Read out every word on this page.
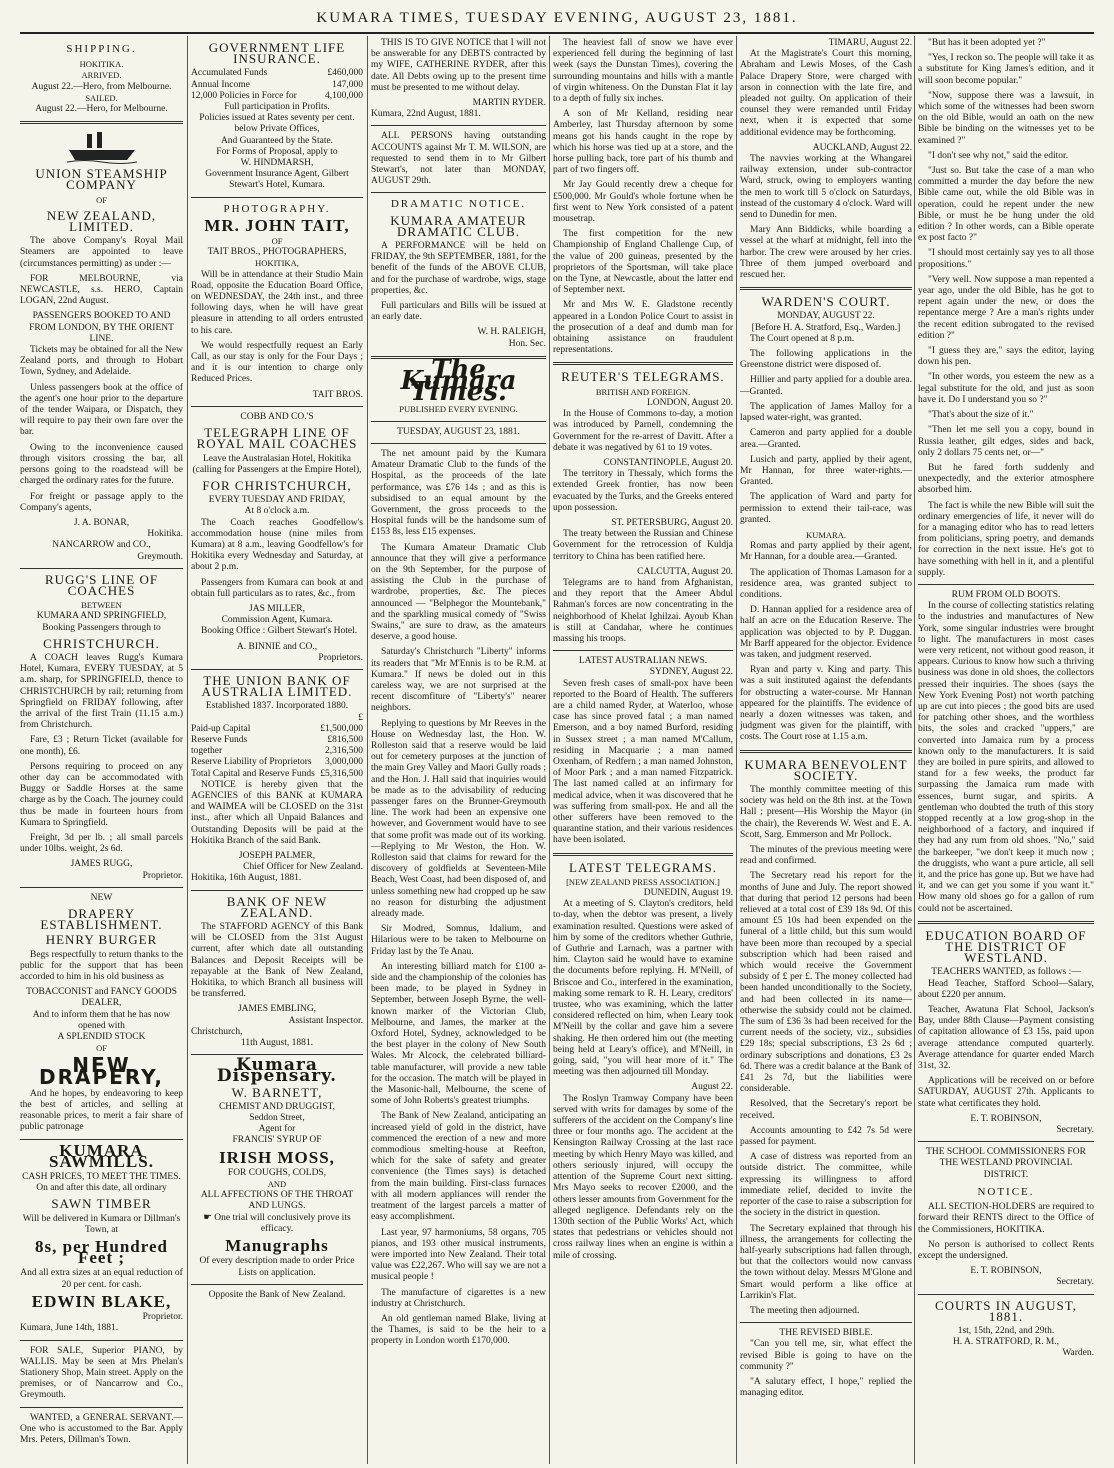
KUMARA TIMES, TUESDAY EVENING, AUGUST 23, 1881.
SHIPPING.
HOKITIKA.
ARRIVED.
August 22.—Hero, from Melbourne.
SAILED.
August 22.—Hero, for Melbourne.
UNION STEAMSHIP COMPANY
OF
NEW ZEALAND, LIMITED.

The above Company's Royal Mail Steamers are appointed to leave (circumstances permitting) as under :—

FOR MELBOURNE, via NEWCASTLE, s.s. HERO, Captain LOGAN, 22nd August.

PASSENGERS BOOKED TO AND FROM LONDON, BY THE ORIENT LINE.

Tickets may be obtained for all the New Zealand ports, and through to Hobart Town, Sydney, and Adelaide.

Unless passengers book at the office of the agent's one hour prior to the departure of the tender Waipara, or Dispatch, they will require to pay their own fare over the bar.

Owing to the inconvenience caused through visitors crossing the bar, all persons going to the roadstead will be charged the ordinary rates for the future.

For freight or passage apply to the Company's agents,

J. A. BONAR,
Hokitika.
NANCARROW and CO.,
Greymouth.
RUGG'S LINE OF COACHES
BETWEEN
KUMARA AND SPRINGFIELD,
Booking Passengers through to
CHRISTCHURCH.

A COACH leaves Rugg's Kumara Hotel, Kumara, EVERY TUESDAY, at 5 a.m. sharp, for SPRINGFIELD, thence to CHRISTCHURCH by rail; returning from Springfield on FRIDAY following, after the arrival of the first Train (11.15 a.m.) from Christchurch.

Fare, £3 ; Return Ticket (available for one month), £6.

Persons requiring to proceed on any other day can be accommodated with Buggy or Saddle Horses at the same charge as by the Coach. The journey could thus be made in fourteen hours from Kumara to Springfield.

Freight, 3d per lb. ; all small parcels under 10lbs. weight, 2s 6d.

JAMES RUGG,
Proprietor.
NEW
DRAPERY ESTABLISHMENT.
HENRY BURGER

Begs respectfully to return thanks to the public for the support that has been accorded to him in his old business as

TOBACCONIST and FANCY GOODS DEALER,
And to inform them that he has now opened with
A SPLENDID STOCK
OF
NEW DRAPERY,

And he hopes, by endeavoring to keep the best of articles, and selling at reasonable prices, to merit a fair share of public patronage

KUMARA SAWMILLS.
CASH PRICES, TO MEET THE TIMES.
On and after this date, all ordinary
SAWN TIMBER
Will be delivered in Kumara or Dillman's Town, at
8s, per Hundred Feet ;
And all extra sizes at an equal reduction of 20 per cent. for cash.
EDWIN BLAKE,
Proprietor.
Kumara, June 14th, 1881.

FOR SALE, Superior PIANO, by WALLIS. May be seen at Mrs Phelan's Stationery Shop, Main street. Apply on the premises, or of Nancarrow and Co., Greymouth.

WANTED, a GENERAL SERVANT.—One who is accustomed to the Bar. Apply Mrs. Peters, Dillman's Town.

GOVERNMENT LIFE INSURANCE.
Accumulated Funds	£460,000
Annual Income	147,000
12,000 Policies in Force for	4,100,000
Full participation in Profits.
Policies issued at Rates seventy per cent. below Private Offices,
And Guaranteed by the State.
For Forms of Proposal, apply to
W. HINDMARSH,
Government Insurance Agent, Gilbert Stewart's Hotel, Kumara.
PHOTOGRAPHY.
MR. JOHN TAIT,
OF
TAIT BROS., PHOTOGRAPHERS,
HOKITIKA,

Will be in attendance at their Studio Main Road, opposite the Education Board Office, on WEDNESDAY, the 24th inst., and three following days, when he will have great pleasure in attending to all orders entrusted to his care.

We would respectfully request an Early Call, as our stay is only for the Four Days ; and it is our intention to charge only Reduced Prices.

TAIT BROS.
COBB AND CO.'S
TELEGRAPH LINE OF ROYAL MAIL COACHES
Leave the Australasian Hotel, Hokitika (calling for Passengers at the Empire Hotel),
FOR CHRISTCHURCH,
EVERY TUESDAY AND FRIDAY,
At 8 o'clock a.m.

The Coach reaches Goodfellow's accommodation house (nine miles from Kumara) at 8 a.m., leaving Goodfellow's for Hokitika every Wednesday and Saturday, at about 2 p.m.

Passengers from Kumara can book at and obtain full particulars as to rates, &c., from

JAS MILLER,
Commission Agent, Kumara.

Booking Office : Gilbert Stewart's Hotel.

A. BINNIE and CO.,
Proprietors.
THE UNION BANK OF AUSTRALIA LIMITED.
Established 1837. Incorporated 1880.
£
Paid-up Capital	£1,500,000
Reserve Funds	£816,500
together	2,316,500
Reserve Liability of Proprietors	3,000,000
Total Capital and Reserve Funds	£5,316,500

NOTICE is hereby given that the AGENCIES of this BANK at KUMARA and WAIMEA will be CLOSED on the 31st inst., after which all Unpaid Balances and Outstanding Deposits will be paid at the Hokitika Branch of the said Bank.

JOSEPH PALMER,
Chief Officer for New Zealand.
Hokitika, 16th August, 1881.
BANK OF NEW ZEALAND.

The STAFFORD AGENCY of this Bank will be CLOSED from the 31st August current, after which date all outstanding Balances and Deposit Receipts will be repayable at the Bank of New Zealand, Hokitika, to which Branch all business will be transferred.

JAMES EMBLING,
Assistant Inspector.
Christchurch,
11th August, 1881.
Kumara Dispensary.
W. BARNETT,
CHEMIST AND DRUGGIST,
Seddon Street,
Agent for
FRANCIS' SYRUP OF
IRISH MOSS,
FOR COUGHS, COLDS,
AND
ALL AFFECTIONS OF THE THROAT AND LUNGS.
☛ One trial will conclusively prove its efficacy.
Manugraphs
Of every description made to order Price Lists on application.
Opposite the Bank of New Zealand.

THIS IS TO GIVE NOTICE that I will not be answerable for any DEBTS contracted by my WIFE, CATHERINE RYDER, after this date. All Debts owing up to the present time must be presented to me without delay.

MARTIN RYDER.
Kumara, 22nd August, 1881.

ALL PERSONS having outstanding ACCOUNTS against Mr T. M. WILSON, are requested to send them in to Mr Gilbert Stewart's, not later than MONDAY, AUGUST 29th.

DRAMATIC NOTICE.
KUMARA AMATEUR DRAMATIC CLUB.

A PERFORMANCE will be held on FRIDAY, the 9th SEPTEMBER, 1881, for the benefit of the funds of the ABOVE CLUB, and for the purchase of wardrobe, wigs, stage properties, &c.

Full particulars and Bills will be issued at an early date.

W. H. RALEIGH,
Hon. Sec.
The Kumara Times.
PUBLISHED EVERY EVENING.
TUESDAY, AUGUST 23, 1881.

The net amount paid by the Kumara Amateur Dramatic Club to the funds of the Hospital, as the proceeds of the late performance, was £76 14s ; and as this is subsidised to an equal amount by the Government, the gross proceeds to the Hospital funds will be the handsome sum of £153 8s, less £15 expenses.

The Kumara Amateur Dramatic Club announce that they will give a performance on the 9th September, for the purpose of assisting the Club in the purchase of wardrobe, properties, &c. The pieces announced — "Belphegor the Mountebank," and the sparkling musical comedy of "Swiss Swains," are sure to draw, as the amateurs deserve, a good house.

Saturday's Christchurch "Liberty" informs its readers that "Mr M'Ennis is to be R.M. at Kumara." If news be doled out in this careless way, we are not surprised at the recent discomfiture of "Liberty's" nearer neighbors.

Replying to questions by Mr Reeves in the House on Wednesday last, the Hon. W. Rolleston said that a reserve would be laid out for cemetery purposes at the junction of the main Grey Valley and Maori Gully roads ; and the Hon. J. Hall said that inquiries would be made as to the advisability of reducing passenger fares on the Brunner-Greymouth line. The work had been an expensive one however, and Government would have to see that some profit was made out of its working.—Replying to Mr Weston, the Hon. W. Rolleston said that claims for reward for the discovery of goldfields at Seventeen-Mile Beach, West Coast, had been disposed of, and unless something new had cropped up he saw no reason for disturbing the adjustment already made.

Sir Modred, Somnus, Idalium, and Hilarious were to be taken to Melbourne on Friday last by the Te Anau.

An interesting billiard match for £100 a-side and the championship of the colonies has been made, to be played in Sydney in September, between Joseph Byrne, the well-known marker of the Victorian Club, Melbourne, and James, the marker at the Oxford Hotel, Sydney, acknowledged to be the best player in the colony of New South Wales. Mr Alcock, the celebrated billiard-table manufacturer, will provide a new table for the occasion. The match will be played in the Masonic-hall, Melbourne, the scene of some of John Roberts's greatest triumphs.

The Bank of New Zealand, anticipating an increased yield of gold in the district, have commenced the erection of a new and more commodious smelting-house at Reefton, which for the sake of safety and greater convenience (the Times says) is detached from the main building. First-class furnaces with all modern appliances will render the treatment of the largest parcels a matter of easy accomplishment.

Last year, 97 harmoniums, 58 organs, 705 pianos, and 193 other musical instruments, were imported into New Zealand. Their total value was £22,267. Who will say we are not a musical people !

The manufacture of cigarettes is a new industry at Christchurch.

An old gentleman named Blake, living at the Thames, is said to be the heir to a property in London worth £170,000.

The heaviest fall of snow we have ever experienced fell during the beginning of last week (says the Dunstan Times), covering the surrounding mountains and hills with a mantle of virgin whiteness. On the Dunstan Flat it lay to a depth of fully six inches.

A son of Mr Kelland, residing near Amberley, last Thursday afternoon by some means got his hands caught in the rope by which his horse was tied up at a store, and the horse pulling back, tore part of his thumb and part of two fingers off.

Mr Jay Gould recently drew a cheque for £500,000. Mr Gould's whole fortune when he first went to New York consisted of a patent mousetrap.

The first competition for the new Championship of England Challenge Cup, of the value of 200 guineas, presented by the proprietors of the Sportsman, will take place on the Tyne, at Newcastle, about the latter end of September next.

Mr and Mrs W. E. Gladstone recently appeared in a London Police Court to assist in the prosecution of a deaf and dumb man for obtaining assistance on fraudulent representations.

REUTER'S TELEGRAMS.
BRITISH AND FOREIGN.
LONDON, August 20.

In the House of Commons to-day, a motion was introduced by Parnell, condemning the Government for the re-arrest of Davitt. After a debate it was negatived by 61 to 19 votes.

CONSTANTINOPLE, August 20.

The territory in Thessaly, which forms the extended Greek frontier, has now been evacuated by the Turks, and the Greeks entered upon possession.

ST. PETERSBURG, August 20.

The treaty between the Russian and Chinese Government for the retrocession of Kuldja territory to China has been ratified here.

CALCUTTA, August 20.

Telegrams are to hand from Afghanistan, and they report that the Ameer Abdul Rahman's forces are now concentrating in the neighborhood of Khelat Ighilzai. Ayoub Khan is still at Candahar, where he continues massing his troops.

LATEST AUSTRALIAN NEWS.
SYDNEY, August 22.

Seven fresh cases of small-pox have been reported to the Board of Health. The sufferers are a child named Ryder, at Waterloo, whose case has since proved fatal ; a man named Emerson, and a boy named Burford, residing in Sussex street ; a man named M'Callum, residing in Macquarie ; a man named Oxenham, of Redfern ; a man named Johnston, of Moor Park ; and a man named Fitzpatrick. The last named called at an infirmary for medical advice, when it was discovered that he was suffering from small-pox. He and all the other sufferers have been removed to the quarantine station, and their various residences have been isolated.

LATEST TELEGRAMS.
[NEW ZEALAND PRESS ASSOCIATION.]
DUNEDIN, August 19.

At a meeting of S. Clayton's creditors, held to-day, when the debtor was present, a lively examination resulted. Questions were asked of him by some of the creditors whether Guthrie, of Guthrie and Larnach, was a partner with him. Clayton said he would have to examine the documents before replying. H. M'Neill, of Briscoe and Co., interfered in the examination, making some remark to R. H. Leary, creditors' trustee, who was examining, which the latter considered reflected on him, when Leary took M'Neill by the collar and gave him a severe shaking. He then ordered him out (the meeting being held at Leary's office), and M'Neill, in going, said, "you will hear more of it." The meeting was then adjourned till Monday.

August 22.

The Roslyn Tramway Company have been served with writs for damages by some of the sufferers of the accident on the Company's line three or four months ago. The accident at the Kensington Railway Crossing at the last race meeting by which Henry Mayo was killed, and others seriously injured, will occupy the attention of the Supreme Court next sitting. Mrs Mayo seeks to recover £2000, and the others lesser amounts from Government for the alleged negligence. Defendants rely on the 130th section of the Public Works' Act, which states that pedestrians or vehicles should not cross railway lines when an engine is within a mile of crossing.

TIMARU, August 22.

At the Magistrate's Court this morning, Abraham and Lewis Moses, of the Cash Palace Drapery Store, were charged with arson in connection with the late fire, and pleaded not guilty. On application of their counsel they were remanded until Friday next, when it is expected that some additional evidence may be forthcoming.

AUCKLAND, August 22.

The navvies working at the Whangarei railway extension, under sub-contractor Ward, struck, owing to employers wanting the men to work till 5 o'clock on Saturdays, instead of the customary 4 o'clock. Ward will send to Dunedin for men.

Mary Ann Biddicks, while boarding a vessel at the wharf at midnight, fell into the harbor. The crew were aroused by her cries. Three of them jumped overboard and rescued her.

WARDEN'S COURT.
MONDAY, AUGUST 22.
[Before H. A. Stratford, Esq., Warden.]

The Court opened at 8 p.m.

The following applications in the Greenstone district were disposed of.

Hillier and party applied for a double area.—Granted.

The application of James Malloy for a lapsed water-right, was granted.

Cameron and party applied for a double area.—Granted.

Lusich and party, applied by their agent, Mr Hannan, for three water-rights.—Granted.

The application of Ward and party for permission to extend their tail-race, was granted.

KUMARA.

Romas and party applied by their agent, Mr Hannan, for a double area.—Granted.

The application of Thomas Lamason for a residence area, was granted subject to conditions.

D. Hannan applied for a residence area of half an acre on the Education Reserve. The application was objected to by P. Duggan. Mr Barff appeared for the objector. Evidence was taken, and judgment reserved.

Ryan and party v. King and party. This was a suit instituted against the defendants for obstructing a water-course. Mr Hannan appeared for the plaintiffs. The evidence of nearly a dozen witnesses was taken, and judgment was given for the plaintiff, with costs. The Court rose at 1.15 a.m.

KUMARA BENEVOLENT SOCIETY.

The monthly committee meeting of this society was held on the 8th inst. at the Town Hall ; present—His Worship the Mayor (in the chair), the Reverends W. West and E. A. Scott, Sarg. Emmerson and Mr Pollock.

The minutes of the previous meeting were read and confirmed.

The Secretary read his report for the months of June and July. The report showed that during that period 12 persons had been relieved at a total cost of £39 18s 9d. Of this amount £5 10s had been expended on the funeral of a little child, but this sum would have been more than recouped by a special subscription which had been raised and which would receive the Government subsidy of £ per £. The money collected had been handed unconditionally to the Society, and had been collected in its name—otherwise the subsidy could not be claimed. The sum of £36 3s had been received for the current needs of the society, viz., subsidies £29 18s; special subscriptions, £3 2s 6d ; ordinary subscriptions and donations, £3 2s 6d. There was a credit balance at the Bank of £41 2s 7d, but the liabilities were considerable.

Resolved, that the Secretary's report be received.

Accounts amounting to £42 7s 5d were passed for payment.

A case of distress was reported from an outside district. The committee, while expressing its willingness to afford immediate relief, decided to invite the reporter of the case to raise a subscription for the society in the district in question.

The Secretary explained that through his illness, the arrangements for collecting the half-yearly subscriptions had fallen through, but that the collectors would now canvass the town without delay. Messrs M'Glone and Smart would perform a like office at Larrikin's Flat.

The meeting then adjourned.

THE REVISED BIBLE.

"Can you tell me, sir, what effect the revised Bible is going to have on the community ?"

"A salutary effect, I hope," replied the managing editor.

"But has it been adopted yet ?"

"Yes, I reckon so. The people will take it as a substitute for King James's edition, and it will soon become popular."

"Now, suppose there was a lawsuit, in which some of the witnesses had been sworn on the old Bible, would an oath on the new Bible be binding on the witnesses yet to be examined ?"

"I don't see why not," said the editor.

"Just so. But take the case of a man who committed a murder the day before the new Bible came out, while the old Bible was in operation, could he repent under the new Bible, or must he be hung under the old edition ? In other words, can a Bible operate ex post facto ?"

"I should most certainly say yes to all those propositions."

"Very well. Now suppose a man repented a year ago, under the old Bible, has he got to repent again under the new, or does the repentance merge ? Are a man's rights under the recent edition subrogated to the revised edition ?"

"I guess they are," says the editor, laying down his pen.

"In other words, you esteem the new as a legal substitute for the old, and just as soon have it. Do I understand you so ?"

"That's about the size of it."

"Then let me sell you a copy, bound in Russia leather, gilt edges, sides and back, only 2 dollars 75 cents net, or—"

But he fared forth suddenly and unexpectedly, and the exterior atmosphere absorbed him.

The fact is while the new Bible will suit the ordinary emergencies of life, it never will do for a managing editor who has to read letters from politicians, spring poetry, and demands for correction in the next issue. He's got to have something with hell in it, and a plentiful supply.

RUM FROM OLD BOOTS.

In the course of collecting statistics relating to the industries and manufactures of New York, some singular industries were brought to light. The manufacturers in most cases were very reticent, not without good reason, it appears. Curious to know how such a thriving business was done in old shoes, the collectors pressed their inquiries. The shoes (says the New York Evening Post) not worth patching up are cut into pieces ; the good bits are used for patching other shoes, and the worthless bits, the soles and cracked "uppers," are converted into Jamaica rum by a process known only to the manufacturers. It is said they are boiled in pure spirits, and allowed to stand for a few weeks, the product far surpassing the Jamaica rum made with essences, burnt sugar, and spirits. A gentleman who doubted the truth of this story stopped recently at a low grog-shop in the neighborhood of a factory, and inquired if they had any rum from old shoes. "No," said the barkeeper, "we don't keep it much now ; the druggists, who want a pure article, all sell it, and the price has gone up. But we have had it, and we can get you some if you want it." How many old shoes go for a gallon of rum could not be ascertained.

EDUCATION BOARD OF THE DISTRICT OF WESTLAND.
TEACHERS WANTED, as follows :—

Head Teacher, Stafford School—Salary, about £220 per annum.

Teacher, Awatuna Flat School, Jackson's Bay, under 88th Clause—Payment consisting of capitation allowance of £3 15s, paid upon average attendance computed quarterly. Average attendance for quarter ended March 31st, 32.

Applications will be received on or before SATURDAY, AUGUST 27th. Applicants to state what certificates they hold.

E. T. ROBINSON,
Secretary.
THE SCHOOL COMMISSIONERS FOR THE WESTLAND PROVINCIAL DISTRICT.
NOTICE.

ALL SECTION-HOLDERS are required to forward their RENTS direct to the Office of the Commissioners, HOKITIKA.

No person is authorised to collect Rents except the undersigned.

E. T. ROBINSON,
Secretary.
COURTS IN AUGUST, 1881.
1st, 15th, 22nd, and 29th.
H. A. STRATFORD, R. M.,
Warden.
